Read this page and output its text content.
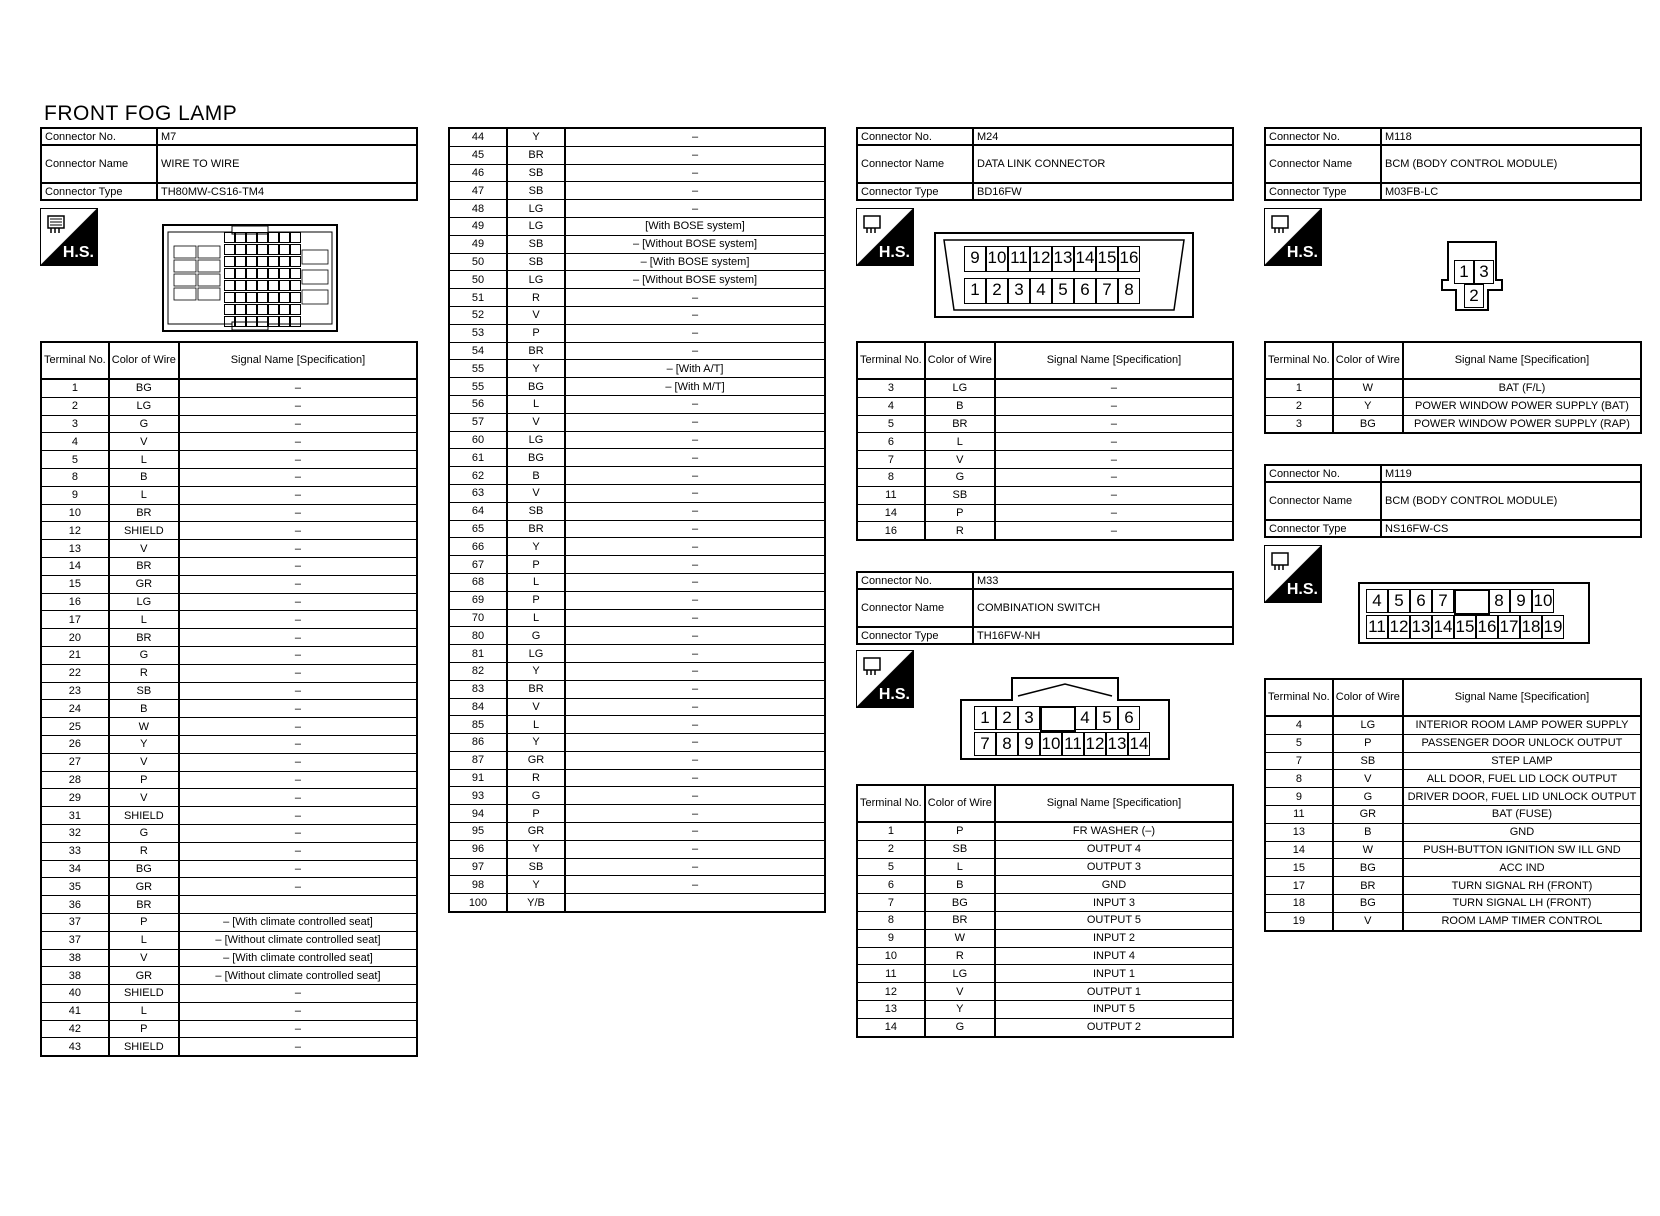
FRONT FOG LAMP
Connector No.	M7
Connector Name	WIRE TO WIRE
Connector Type	TH80MW-CS16-TM4
H.S.
Terminal No.	Color of Wire	Signal Name [Specification]
1	BG	–
2	LG	–
3	G	–
4	V	–
5	L	–
8	B	–
9	L	–
10	BR	–
12	SHIELD	–
13	V	–
14	BR	–
15	GR	–
16	LG	–
17	L	–
20	BR	–
21	G	–
22	R	–
23	SB	–
24	B	–
25	W	–
26	Y	–
27	V	–
28	P	–
29	V	–
31	SHIELD	–
32	G	–
33	R	–
34	BG	–
35	GR	–
36	BR	
37	P	– [With climate controlled seat]
37	L	– [Without climate controlled seat]
38	V	– [With climate controlled seat]
38	GR	– [Without climate controlled seat]
40	SHIELD	–
41	L	–
42	P	–
43	SHIELD	–
44	Y	–
45	BR	–
46	SB	–
47	SB	–
48	LG	–
49	LG	[With BOSE system]
49	SB	– [Without BOSE system]
50	SB	– [With BOSE system]
50	LG	– [Without BOSE system]
51	R	–
52	V	–
53	P	–
54	BR	–
55	Y	– [With A/T]
55	BG	– [With M/T]
56	L	–
57	V	–
60	LG	–
61	BG	–
62	B	–
63	V	–
64	SB	–
65	BR	–
66	Y	–
67	P	–
68	L	–
69	P	–
70	L	–
80	G	–
81	LG	–
82	Y	–
83	BR	–
84	V	–
85	L	–
86	Y	–
87	GR	–
91	R	–
93	G	–
94	P	–
95	GR	–
96	Y	–
97	SB	–
98	Y	–
100	Y/B	
Connector No.	M24
Connector Name	DATA LINK CONNECTOR
Connector Type	BD16FW
H.S.	9 10 11 12 13 14 15 16
1 2 3 4 5 6 7 8
Terminal No.	Color of Wire	Signal Name [Specification]
3	LG	–
4	B	–
5	BR	–
6	L	–
7	V	–
8	G	–
11	SB	–
14	P	–
16	R	–
Connector No.	M33
Connector Name	COMBINATION SWITCH
Connector Type	TH16FW-NH
H.S.
1 2 3	4 5 6
7 8 9 10 11 12 13 14
Terminal No.	Color of Wire	Signal Name [Specification]
1	P	FR WASHER (–)
2	SB	OUTPUT 4
5	L	OUTPUT 3
6	B	GND
7	BG	INPUT 3
8	BR	OUTPUT 5
9	W	INPUT 2
10	R	INPUT 4
11	LG	INPUT 1
12	V	OUTPUT 1
13	Y	INPUT 5
14	G	OUTPUT 2
Connector No.	M118
Connector Name	BCM (BODY CONTROL MODULE)
Connector Type	M03FB-LC
H.S.
1 3
2
Terminal No.	Color of Wire	Signal Name [Specification]
1	W	BAT (F/L)
2	Y	POWER WINDOW POWER SUPPLY (BAT)
3	BG	POWER WINDOW POWER SUPPLY (RAP)
Connector No.	M119
Connector Name	BCM (BODY CONTROL MODULE)
Connector Type	NS16FW-CS
H.S.
4 5 6 7	8 9 10
11 12 13 14 15 16 17 18 19
Terminal No.	Color of Wire	Signal Name [Specification]
4	LG	INTERIOR ROOM LAMP POWER SUPPLY
5	P	PASSENGER DOOR UNLOCK OUTPUT
7	SB	STEP LAMP
8	V	ALL DOOR, FUEL LID LOCK OUTPUT
9	G	DRIVER DOOR, FUEL LID UNLOCK OUTPUT
11	GR	BAT (FUSE)
13	B	GND
14	W	PUSH-BUTTON IGNITION SW ILL GND
15	BG	ACC IND
17	BR	TURN SIGNAL RH (FRONT)
18	BG	TURN SIGNAL LH (FRONT)
19	V	ROOM LAMP TIMER CONTROL
